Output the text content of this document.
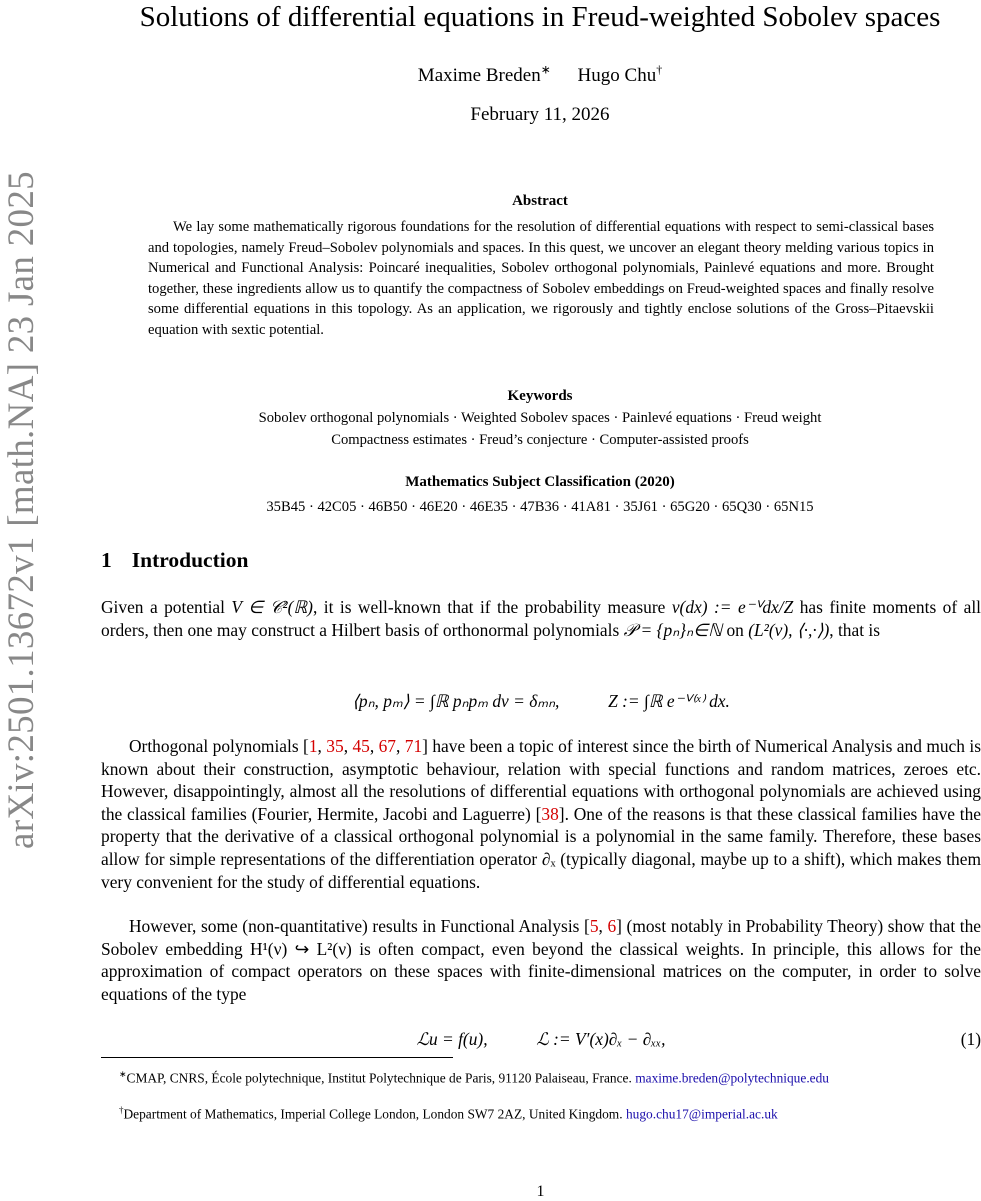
arXiv:2501.13672v1 [math.NA] 23 Jan 2025
Solutions of differential equations in Freud-weighted Sobolev spaces
Maxime Breden∗ Hugo Chu†
February 11, 2026
Abstract
We lay some mathematically rigorous foundations for the resolution of differential equations with respect to semi-classical bases and topologies, namely Freud–Sobolev polynomials and spaces. In this quest, we uncover an elegant theory melding various topics in Numerical and Functional Analysis: Poincaré inequalities, Sobolev orthogonal polynomials, Painlevé equations and more. Brought together, these ingredients allow us to quantify the compactness of Sobolev embeddings on Freud-weighted spaces and finally resolve some differential equations in this topology. As an application, we rigorously and tightly enclose solutions of the Gross–Pitaevskii equation with sextic potential.
Keywords
Sobolev orthogonal polynomials · Weighted Sobolev spaces · Painlevé equations · Freud weight
Compactness estimates · Freud’s conjecture · Computer-assisted proofs
Mathematics Subject Classification (2020)
35B45 · 42C05 · 46B50 · 46E20 · 46E35 · 47B36 · 41A81 · 35J61 · 65G20 · 65Q30 · 65N15
1 Introduction
Given a potential V ∈ 𝒞²(ℝ), it is well-known that if the probability measure ν(dx) := e⁻ⱽdx/Z has finite moments of all orders, then one may construct a Hilbert basis of orthonormal polynomials 𝒫 = {pₙ}ₙ∈ℕ on (L²(ν), ⟨·,·⟩), that is
⟨pₙ, pₘ⟩ = ∫ℝ pₙpₘ dν = δₘₙ,	Z := ∫ℝ e⁻ⱽ⁽ˣ⁾ dx.
Orthogonal polynomials [1, 35, 45, 67, 71] have been a topic of interest since the birth of Numerical Analysis and much is known about their construction, asymptotic behaviour, relation with special functions and random matrices, zeroes etc. However, disappointingly, almost all the resolutions of differential equations with orthogonal polynomials are achieved using the classical families (Fourier, Hermite, Jacobi and Laguerre) [38]. One of the reasons is that these classical families have the property that the derivative of a classical orthogonal polynomial is a polynomial in the same family. Therefore, these bases allow for simple representations of the differentiation operator ∂ₓ (typically diagonal, maybe up to a shift), which makes them very convenient for the study of differential equations.
However, some (non-quantitative) results in Functional Analysis [5, 6] (most notably in Probability Theory) show that the Sobolev embedding H¹(ν) ↪ L²(ν) is often compact, even beyond the classical weights. In principle, this allows for the approximation of compact operators on these spaces with finite-dimensional matrices on the computer, in order to solve equations of the type
ℒu = f(u),	ℒ := V′(x)∂ₓ − ∂ₓₓ,	(1)
∗CMAP, CNRS, École polytechnique, Institut Polytechnique de Paris, 91120 Palaiseau, France. maxime.breden@polytechnique.edu
†Department of Mathematics, Imperial College London, London SW7 2AZ, United Kingdom. hugo.chu17@imperial.ac.uk
1
